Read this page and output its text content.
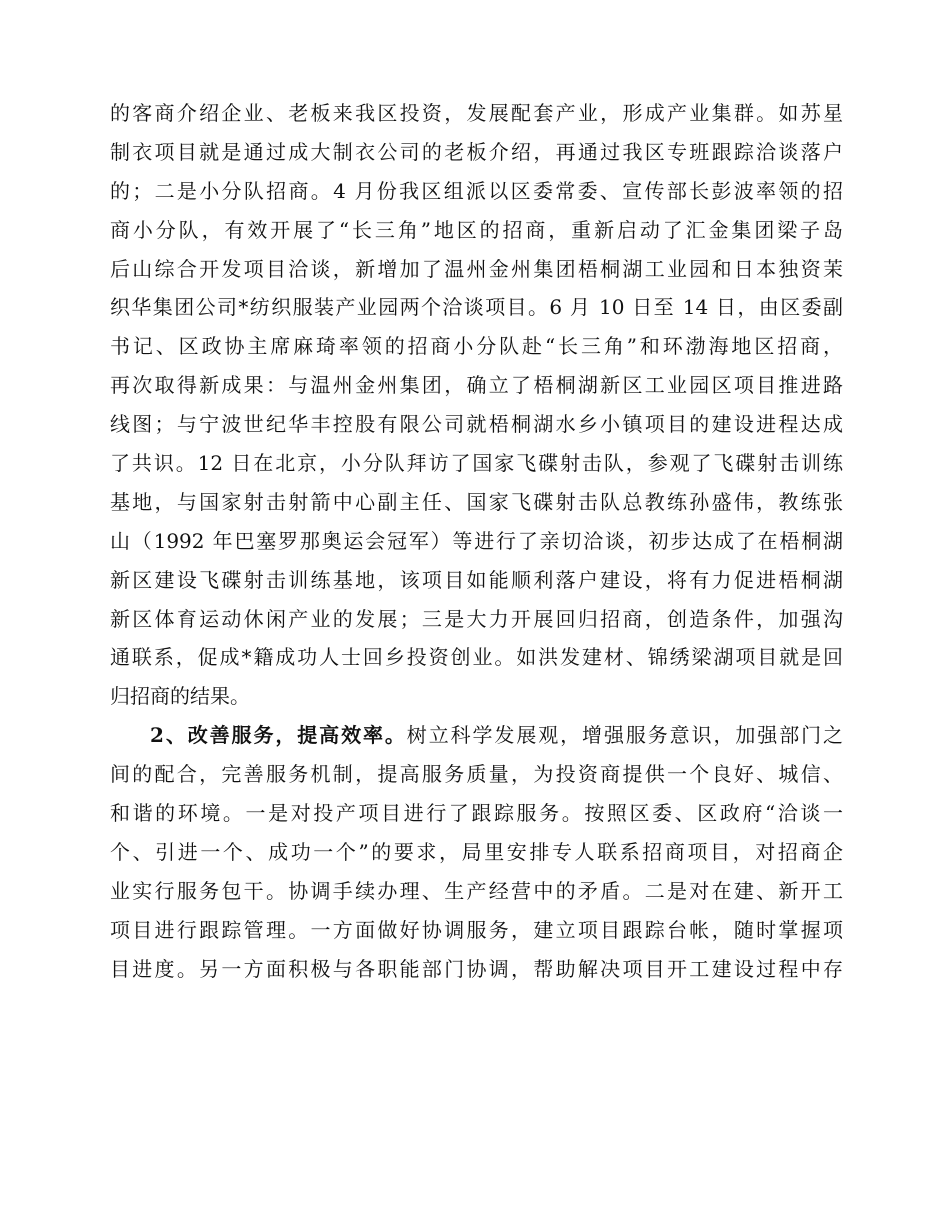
的客商介绍企业、老板来我区投资，发展配套产业，形成产业集群。如苏星
制衣项目就是通过成大制衣公司的老板介绍，再通过我区专班跟踪洽谈落户
的；二是小分队招商。4 月份我区组派以区委常委、宣传部长彭波率领的招
商小分队，有效开展了“长三角”地区的招商，重新启动了汇金集团梁子岛
后山综合开发项目洽谈，新增加了温州金州集团梧桐湖工业园和日本独资茉
织华集团公司*纺织服装产业园两个洽谈项目。6 月 10 日至 14 日，由区委副
书记、区政协主席麻琦率领的招商小分队赴“长三角”和环渤海地区招商，
再次取得新成果：与温州金州集团，确立了梧桐湖新区工业园区项目推进路
线图；与宁波世纪华丰控股有限公司就梧桐湖水乡小镇项目的建设进程达成
了共识。12 日在北京，小分队拜访了国家飞碟射击队，参观了飞碟射击训练
基地，与国家射击射箭中心副主任、国家飞碟射击队总教练孙盛伟，教练张
山（1992 年巴塞罗那奥运会冠军）等进行了亲切洽谈，初步达成了在梧桐湖
新区建设飞碟射击训练基地，该项目如能顺利落户建设，将有力促进梧桐湖
新区体育运动休闲产业的发展；三是大力开展回归招商，创造条件，加强沟
通联系，促成*籍成功人士回乡投资创业。如洪发建材、锦绣梁湖项目就是回
归招商的结果。
2、改善服务，提高效率。树立科学发展观，增强服务意识，加强部门之
间的配合，完善服务机制，提高服务质量，为投资商提供一个良好、城信、
和谐的环境。一是对投产项目进行了跟踪服务。按照区委、区政府“洽谈一
个、引进一个、成功一个”的要求，局里安排专人联系招商项目，对招商企
业实行服务包干。协调手续办理、生产经营中的矛盾。二是对在建、新开工
项目进行跟踪管理。一方面做好协调服务，建立项目跟踪台帐，随时掌握项
目进度。另一方面积极与各职能部门协调，帮助解决项目开工建设过程中存
